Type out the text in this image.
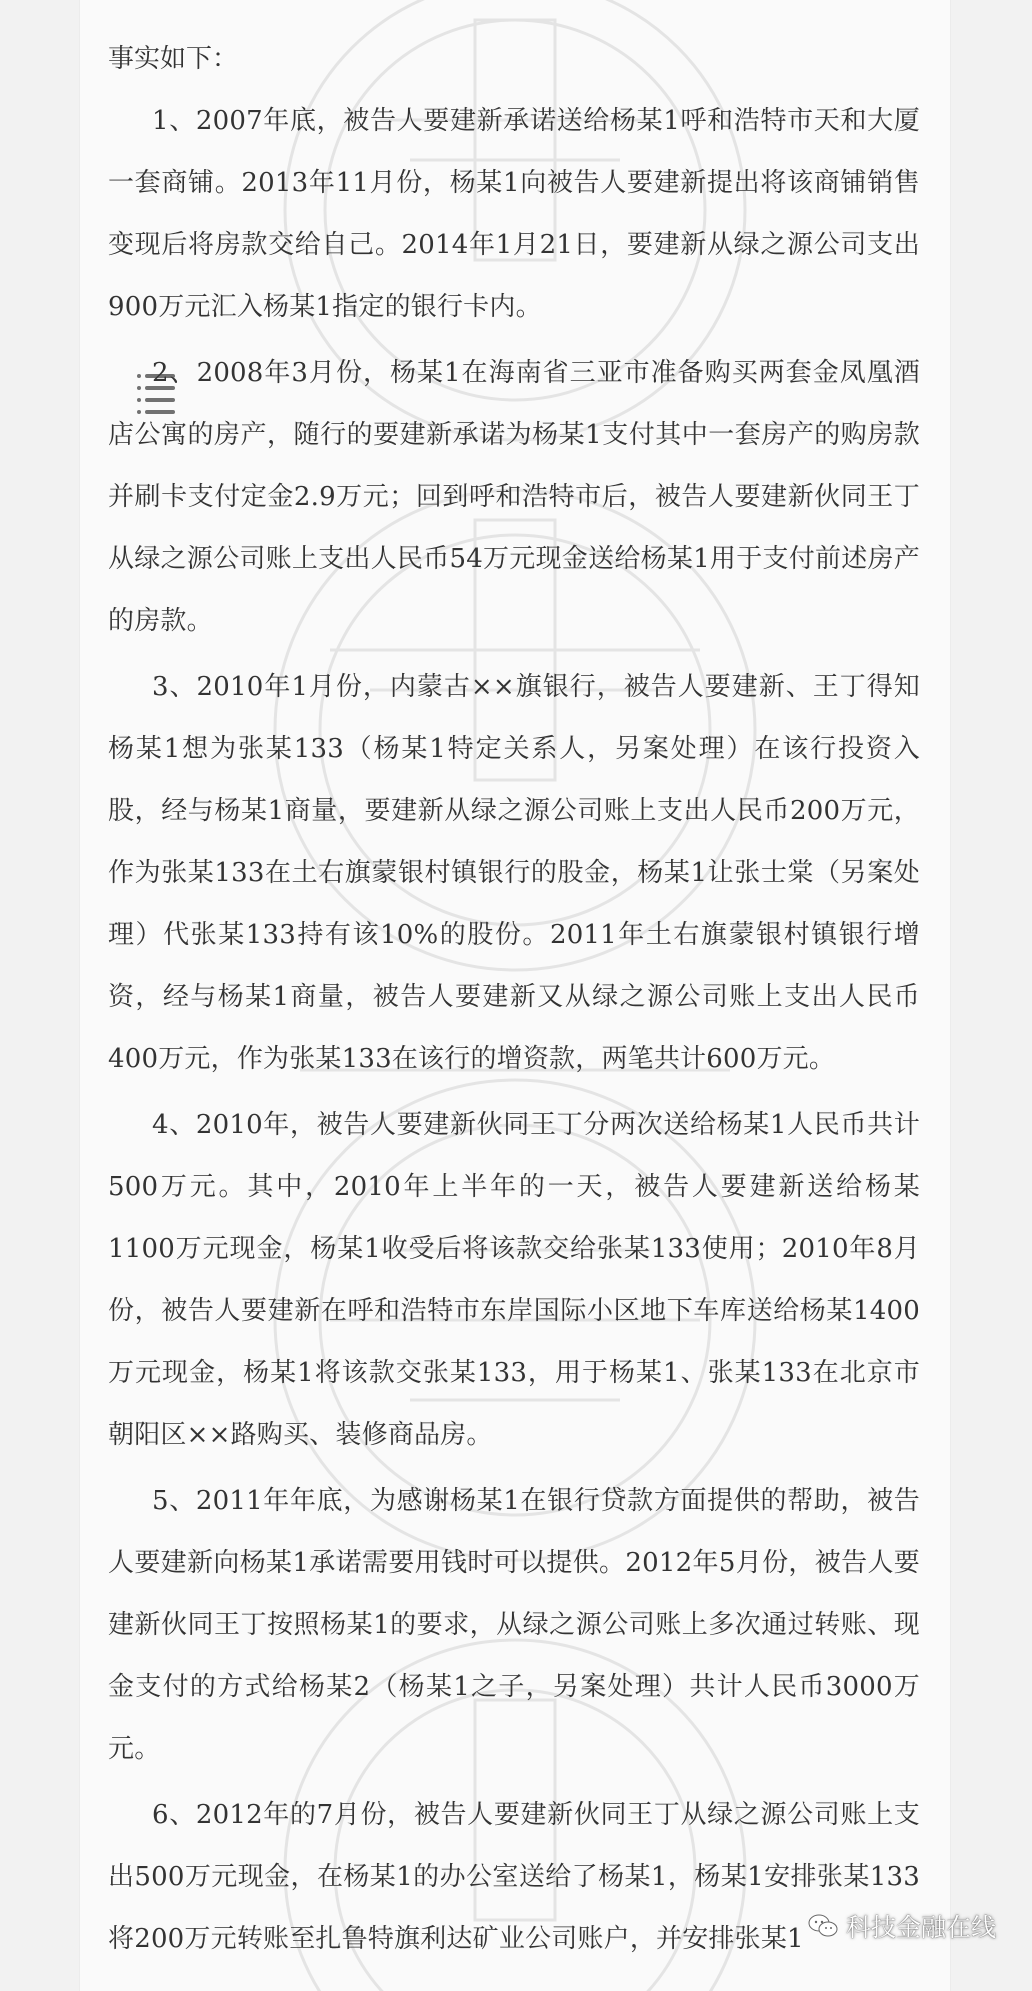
事实如下：

1、2007年底，被告人要建新承诺送给杨某1呼和浩特市天和大厦一套商铺。2013年11月份，杨某1向被告人要建新提出将该商铺销售变现后将房款交给自己。2014年1月21日，要建新从绿之源公司支出900万元汇入杨某1指定的银行卡内。

2、2008年3月份，杨某1在海南省三亚市准备购买两套金凤凰酒店公寓的房产，随行的要建新承诺为杨某1支付其中一套房产的购房款并刷卡支付定金2.9万元；回到呼和浩特市后，被告人要建新伙同王丁从绿之源公司账上支出人民币54万元现金送给杨某1用于支付前述房产的房款。

3、2010年1月份，内蒙古××旗银行，被告人要建新、王丁得知杨某1想为张某133（杨某1特定关系人，另案处理）在该行投资入股，经与杨某1商量，要建新从绿之源公司账上支出人民币200万元，作为张某133在土右旗蒙银村镇银行的股金，杨某1让张士棠（另案处理）代张某133持有该10%的股份。2011年土右旗蒙银村镇银行增资，经与杨某1商量，被告人要建新又从绿之源公司账上支出人民币400万元，作为张某133在该行的增资款，两笔共计600万元。

4、2010年，被告人要建新伙同王丁分两次送给杨某1人民币共计500万元。其中，2010年上半年的一天，被告人要建新送给杨某1100万元现金，杨某1收受后将该款交给张某133使用；2010年8月份，被告人要建新在呼和浩特市东岸国际小区地下车库送给杨某1400万元现金，杨某1将该款交张某133，用于杨某1、张某133在北京市朝阳区××路购买、装修商品房。

5、2011年年底，为感谢杨某1在银行贷款方面提供的帮助，被告人要建新向杨某1承诺需要用钱时可以提供。2012年5月份，被告人要建新伙同王丁按照杨某1的要求，从绿之源公司账上多次通过转账、现金支付的方式给杨某2（杨某1之子，另案处理）共计人民币3000万元。

6、2012年的7月份，被告人要建新伙同王丁从绿之源公司账上支出500万元现金，在杨某1的办公室送给了杨某1，杨某1安排张某133将200万元转账至扎鲁特旗利达矿业公司账户，并安排张某1	科技金融在线
